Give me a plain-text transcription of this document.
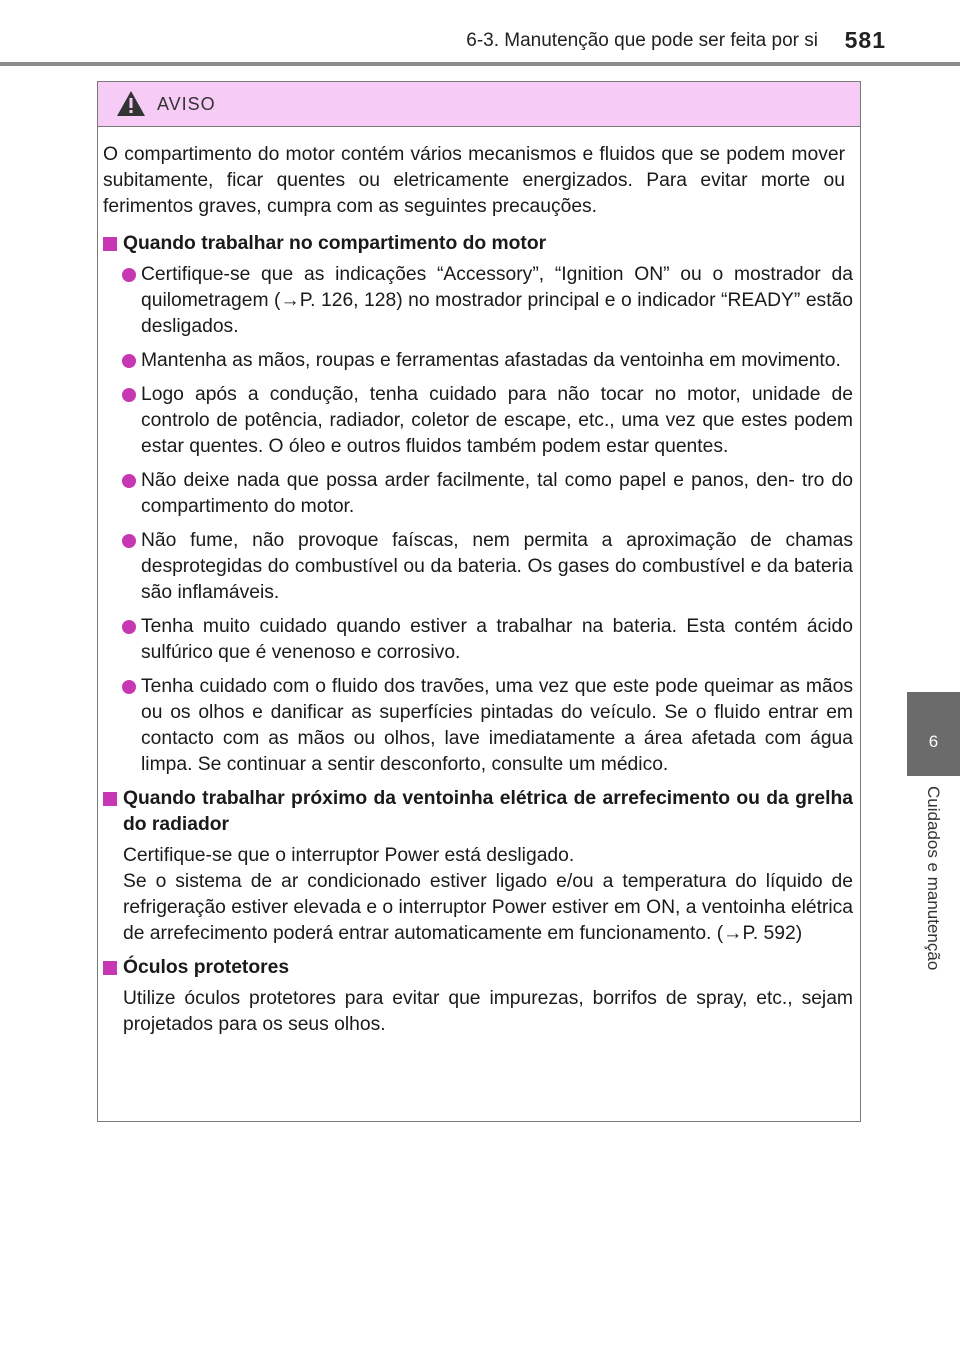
6-3. Manutenção que pode ser feita por si 581
6
Cuidados e manutenção
AVISO

O compartimento do motor contém vários mecanismos e fluidos que se podem mover subitamente, ficar quentes ou eletricamente energizados. Para evitar morte ou ferimentos graves, cumpra com as seguintes precauções.

Quando trabalhar no compartimento do motor
Certifique-se que as indicações “Accessory”, “Ignition ON” ou o mostrador da quilometragem (→P. 126, 128) no mostrador principal e o indicador “READY” estão desligados.
Mantenha as mãos, roupas e ferramentas afastadas da ventoinha em movimento.
Logo após a condução, tenha cuidado para não tocar no motor, unidade de controlo de potência, radiador, coletor de escape, etc., uma vez que estes podem estar quentes. O óleo e outros fluidos também podem estar quentes.
Não deixe nada que possa arder facilmente, tal como papel e panos, den- tro do compartimento do motor.
Não fume, não provoque faíscas, nem permita a aproximação de chamas desprotegidas do combustível ou da bateria. Os gases do combustível e da bateria são inflamáveis.
Tenha muito cuidado quando estiver a trabalhar na bateria. Esta contém ácido sulfúrico que é venenoso e corrosivo.
Tenha cuidado com o fluido dos travões, uma vez que este pode queimar as mãos ou os olhos e danificar as superfícies pintadas do veículo. Se o fluido entrar em contacto com as mãos ou olhos, lave imediatamente a área afetada com água limpa. Se continuar a sentir desconforto, consulte um médico.
Quando trabalhar próximo da ventoinha elétrica de arrefecimento ou da grelha do radiador
Certifique-se que o interruptor Power está desligado.
Se o sistema de ar condicionado estiver ligado e/ou a temperatura do líquido de refrigeração estiver elevada e o interruptor Power estiver em ON, a ventoinha elétrica de arrefecimento poderá entrar automaticamente em funcionamento. (→P. 592)
Óculos protetores
Utilize óculos protetores para evitar que impurezas, borrifos de spray, etc., sejam projetados para os seus olhos.
